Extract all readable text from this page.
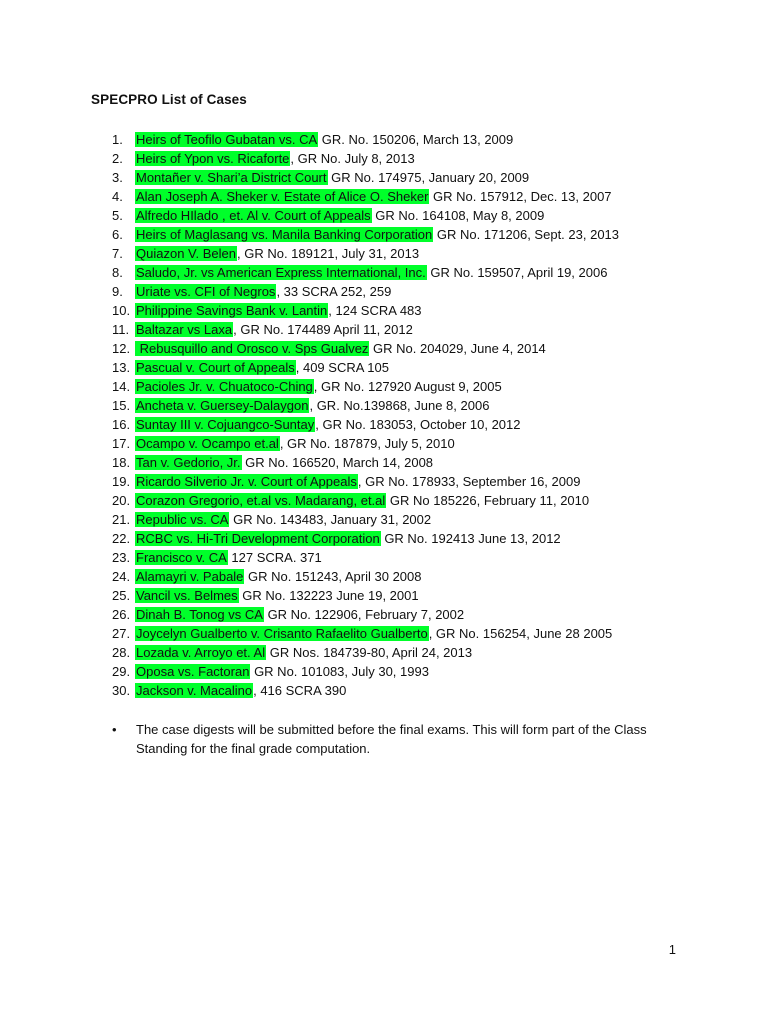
SPECPRO List of Cases
1. Heirs of Teofilo Gubatan vs. CA GR. No. 150206, March 13, 2009
2. Heirs of Ypon vs. Ricaforte, GR No. July 8, 2013
3. Montañer v. Shari’a District Court GR No. 174975, January 20, 2009
4. Alan Joseph A. Sheker v. Estate of Alice O. Sheker GR No. 157912, Dec. 13, 2007
5. Alfredo HIlado , et. Al v. Court of Appeals GR No. 164108, May 8, 2009
6. Heirs of Maglasang vs. Manila Banking Corporation GR No. 171206, Sept. 23, 2013
7. Quiazon V. Belen, GR No. 189121, July 31, 2013
8. Saludo, Jr. vs American Express International, Inc. GR No. 159507, April 19, 2006
9. Uriate vs. CFI of Negros, 33 SCRA 252, 259
10. Philippine Savings Bank v. Lantin, 124 SCRA 483
11. Baltazar vs Laxa, GR No. 174489 April 11, 2012
12. Rebusquillo and Orosco v. Sps Gualvez GR No. 204029, June 4, 2014
13. Pascual v. Court of Appeals, 409 SCRA 105
14. Pacioles Jr. v. Chuatoco-Ching, GR No. 127920 August 9, 2005
15. Ancheta v. Guersey-Dalaygon, GR. No.139868, June 8, 2006
16. Suntay III v. Cojuangco-Suntay, GR No. 183053, October 10, 2012
17. Ocampo v. Ocampo et.al, GR No. 187879, July 5, 2010
18. Tan v. Gedorio, Jr. GR No. 166520, March 14, 2008
19. Ricardo Silverio Jr. v. Court of Appeals, GR No. 178933, September 16, 2009
20. Corazon Gregorio, et.al vs. Madarang, et.al GR No 185226, February 11, 2010
21. Republic vs. CA GR No. 143483, January 31, 2002
22. RCBC vs. Hi-Tri Development Corporation GR No. 192413 June 13, 2012
23. Francisco v. CA 127 SCRA. 371
24. Alamayri v. Pabale GR No. 151243, April 30 2008
25. Vancil vs. Belmes GR No. 132223 June 19, 2001
26. Dinah B. Tonog vs CA GR No. 122906, February 7, 2002
27. Joycelyn Gualberto v. Crisanto Rafaelito Gualberto, GR No. 156254, June 28 2005
28. Lozada v. Arroyo et. Al GR Nos. 184739-80, April 24, 2013
29. Oposa vs. Factoran GR No. 101083, July 30, 1993
30. Jackson v. Macalino, 416 SCRA 390
• The case digests will be submitted before the final exams. This will form part of the Class Standing for the final grade computation.
1
